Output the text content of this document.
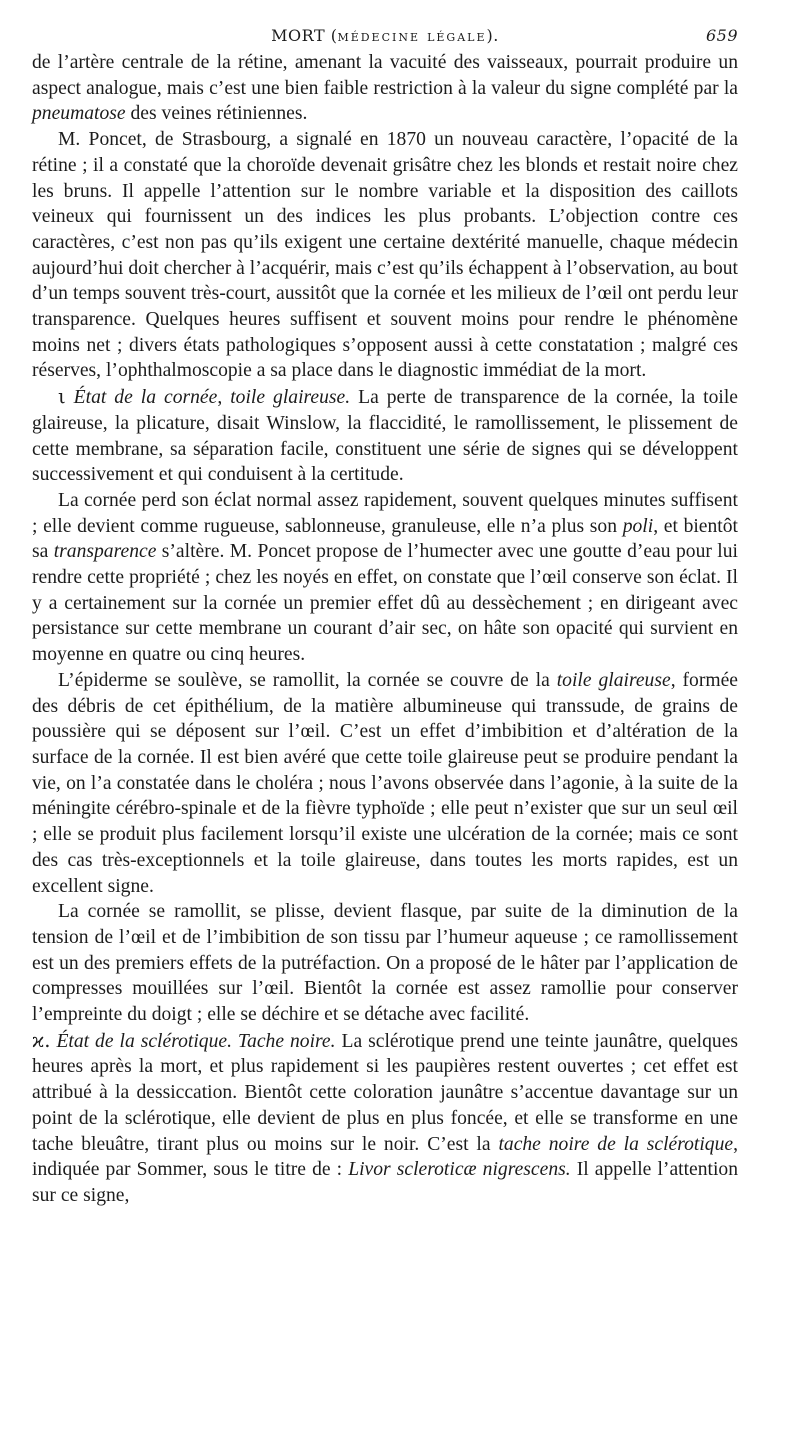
MORT (médecine légale).	659

de l’artère centrale de la rétine, amenant la vacuité des vaisseaux, pourrait produire un aspect analogue, mais c’est une bien faible restriction à la valeur du signe complété par la pneumatose des veines rétiniennes.

M. Poncet, de Strasbourg, a signalé en 1870 un nouveau caractère, l’opacité de la rétine ; il a constaté que la choroïde devenait grisâtre chez les blonds et restait noire chez les bruns. Il appelle l’attention sur le nombre variable et la disposition des caillots veineux qui fournissent un des indices les plus probants. L’objection contre ces caractères, c’est non pas qu’ils exigent une certaine dextérité manuelle, chaque médecin aujourd’hui doit chercher à l’acquérir, mais c’est qu’ils échappent à l’observation, au bout d’un temps souvent très-court, aussitôt que la cornée et les milieux de l’œil ont perdu leur transparence. Quelques heures suffisent et souvent moins pour rendre le phénomène moins net ; divers états pathologiques s’opposent aussi à cette constatation ; malgré ces réserves, l’ophthalmoscopie a sa place dans le diagnostic immédiat de la mort.

ι État de la cornée, toile glaireuse. La perte de transparence de la cornée, la toile glaireuse, la plicature, disait Winslow, la flaccidité, le ramollissement, le plissement de cette membrane, sa séparation facile, constituent une série de signes qui se développent successivement et qui conduisent à la certitude.

La cornée perd son éclat normal assez rapidement, souvent quelques minutes suffisent ; elle devient comme rugueuse, sablonneuse, granuleuse, elle n’a plus son poli, et bientôt sa transparence s’altère. M. Poncet propose de l’humecter avec une goutte d’eau pour lui rendre cette propriété ; chez les noyés en effet, on constate que l’œil conserve son éclat. Il y a certainement sur la cornée un premier effet dû au dessèchement ; en dirigeant avec persistance sur cette membrane un courant d’air sec, on hâte son opacité qui survient en moyenne en quatre ou cinq heures.

L’épiderme se soulève, se ramollit, la cornée se couvre de la toile glaireuse, formée des débris de cet épithélium, de la matière albumineuse qui transsude, de grains de poussière qui se déposent sur l’œil. C’est un effet d’imbibition et d’altération de la surface de la cornée. Il est bien avéré que cette toile glaireuse peut se produire pendant la vie, on l’a constatée dans le choléra ; nous l’avons observée dans l’agonie, à la suite de la méningite cérébro-spinale et de la fièvre typhoïde ; elle peut n’exister que sur un seul œil ; elle se produit plus facilement lorsqu’il existe une ulcération de la cornée; mais ce sont des cas très-exceptionnels et la toile glaireuse, dans toutes les morts rapides, est un excellent signe.

La cornée se ramollit, se plisse, devient flasque, par suite de la diminution de la tension de l’œil et de l’imbibition de son tissu par l’humeur aqueuse ; ce ramollissement est un des premiers effets de la putréfaction. On a proposé de le hâter par l’application de compresses mouillées sur l’œil. Bientôt la cornée est assez ramollie pour conserver l’empreinte du doigt ; elle se déchire et se détache avec facilité.

ϰ. État de la sclérotique. Tache noire. La sclérotique prend une teinte jaunâtre, quelques heures après la mort, et plus rapidement si les paupières restent ouvertes ; cet effet est attribué à la dessiccation. Bientôt cette coloration jaunâtre s’accentue davantage sur un point de la sclérotique, elle devient de plus en plus foncée, et elle se transforme en une tache bleuâtre, tirant plus ou moins sur le noir. C’est la tache noire de la sclérotique, indiquée par Sommer, sous le titre de : Livor scleroticæ nigrescens. Il appelle l’attention sur ce signe,
